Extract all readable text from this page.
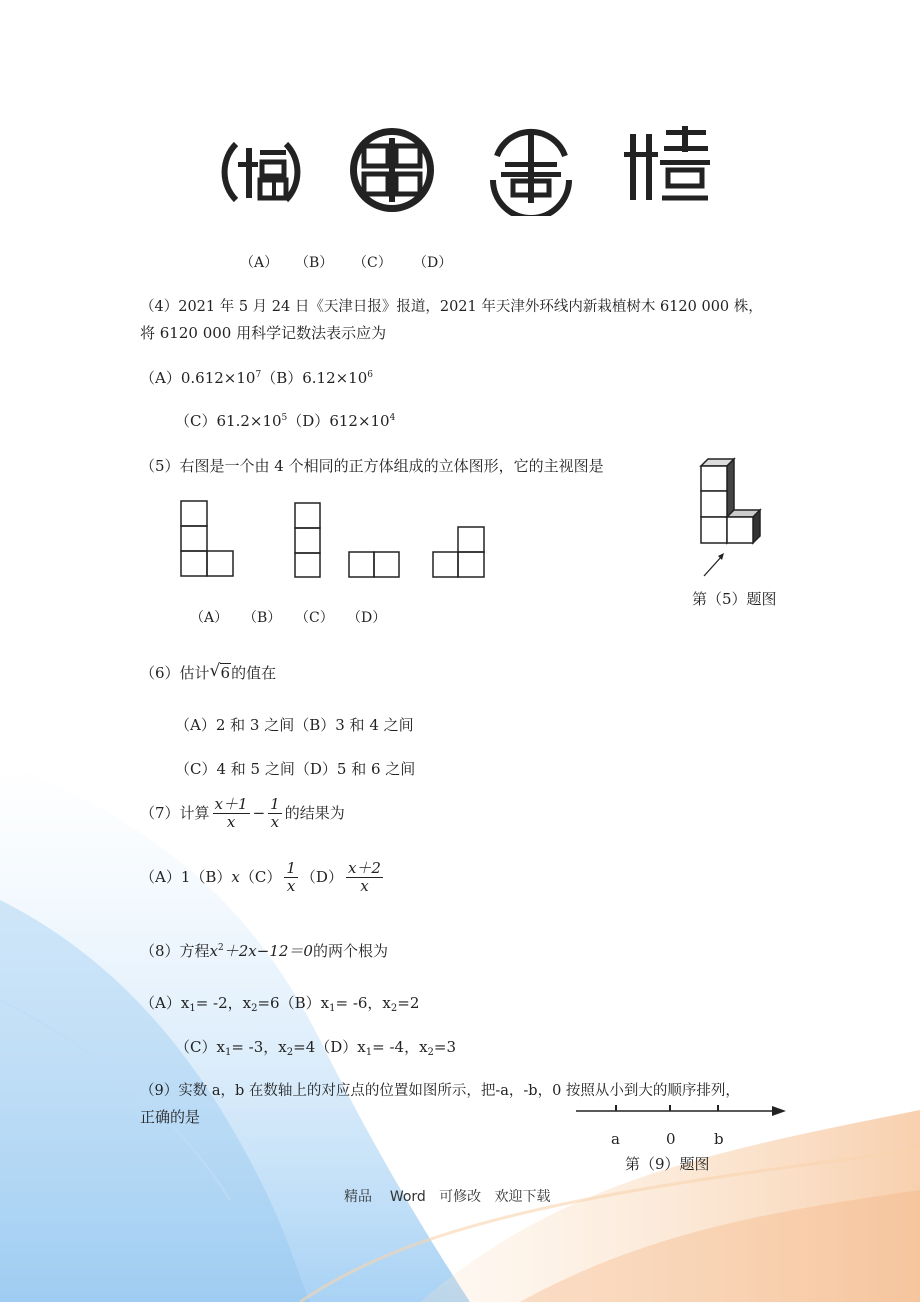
（A） （B） （C） （D）
（4）2021 年 5 月 24 日《天津日报》报道，2021 年天津外环线内新栽植树木 6120 000 株，
将 6120 000 用科学记数法表示应为
$(A)0.612\times 10^7(B)6.12\times 10^6$
$(C)61.2\times 10^5(D)612\times 10^4$
（5）右图是一个由 4 个相同的正方体组成的立体图形，它的主视图是
（A） （B） （C） （D）
第（5）题图
（6）估计 √ 6的值在
（A）2 和 3 之间（B）3 和 4 之间
（C）4 和 5 之间（D）5 和 6 之间
（7）计算 $\frac{x+1}{x} - \frac{1}{x}$ 的结果为
$(A)1(B)x(C) \frac{1}{x} (D) \frac{x+2}{x}$
（8）方程$x^2+2x-12=0$的两个根为
$(A)x_1= -2$，$x_2=6(B)x_1= -6$，$x_2=2$
$(C)x_1= -3$，$x_2=4(D)x_1= -4$，$x_2=3$
（9）实数 a，b 在数轴上的对应点的位置如图所示，把-a，-b，0 按照从小到大的顺序排列，
正确的是
a	0	b
第（9）题图
精品 Word 可修改 欢迎下载
